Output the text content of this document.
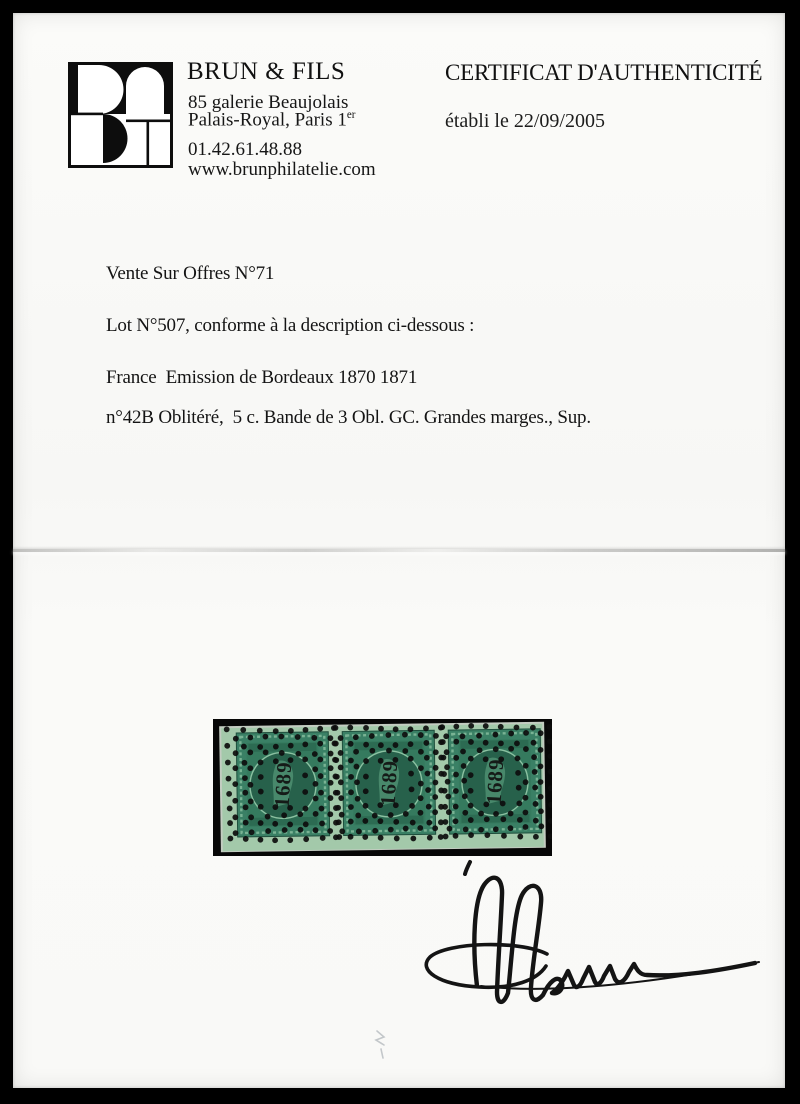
BRUN & FILS
85 galerie Beaujolais
Palais-Royal, Paris 1er
01.42.61.48.88
www.brunphilatelie.com
CERTIFICAT D'AUTHENTICITÉ
établi le 22/09/2005
Vente Sur Offres N°71
Lot N°507, conforme à la description ci-dessous :
France  Emission de Bordeaux 1870 1871
n°42B Oblitéré,  5 c. Bande de 3 Obl. GC. Grandes marges., Sup.
1689	1689	1689
